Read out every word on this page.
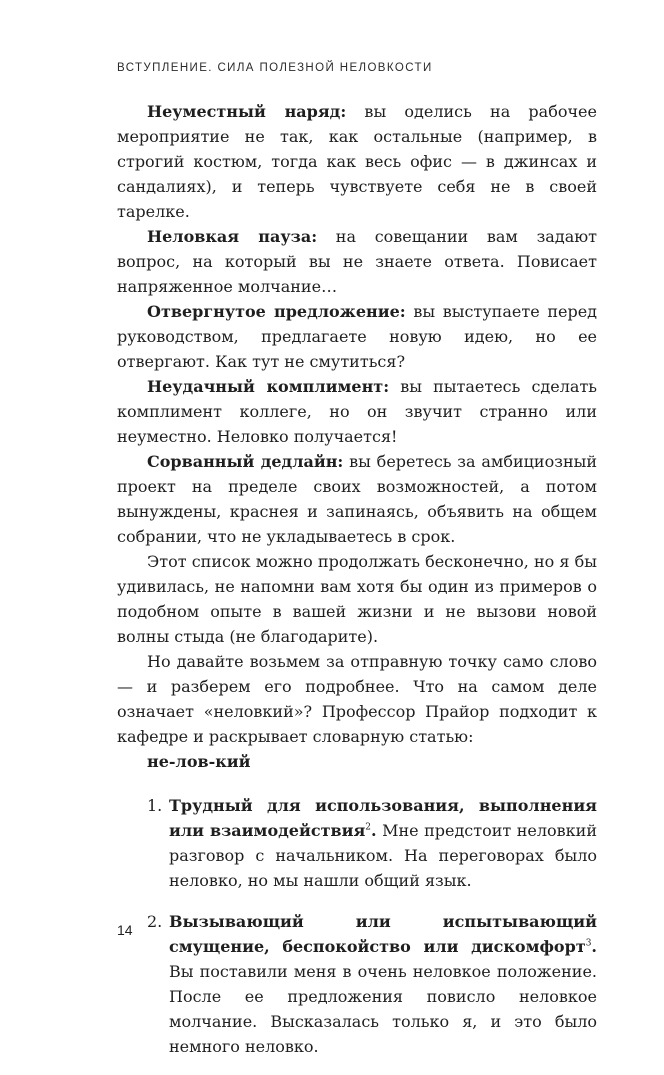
ВСТУПЛЕНИЕ. СИЛА ПОЛЕЗНОЙ НЕЛОВКОСТИ

Неуместный наряд: вы оделись на рабочее мероприятие не так, как остальные (например, в строгий костюм, тогда как весь офис — в джинсах и сандалиях), и теперь чувствуете себя не в своей тарелке.

Неловкая пауза: на совещании вам задают вопрос, на который вы не знаете ответа. Повисает напряженное молчание…

Отвергнутое предложение: вы выступаете перед руководством, предлагаете новую идею, но ее отвергают. Как тут не смутиться?

Неудачный комплимент: вы пытаетесь сделать комплимент коллеге, но он звучит странно или неуместно. Неловко получается!

Сорванный дедлайн: вы беретесь за амбициозный проект на пределе своих возможностей, а потом вынуждены, краснея и запинаясь, объявить на общем собрании, что не укладываетесь в срок.

Этот список можно продолжать бесконечно, но я бы удивилась, не напомни вам хотя бы один из примеров о подобном опыте в вашей жизни и не вызови новой волны стыда (не благодарите).

Но давайте возьмем за отправную точку само слово — и разберем его подробнее. Что на самом деле означает «неловкий»? Профессор Прайор подходит к кафедре и раскрывает словарную статью:

не-лов-кий
1. Трудный для использования, выполнения или взаимодействия$^2$. Мне предстоит неловкий разговор с начальником. На переговорах было неловко, но мы нашли общий язык.
2. Вызывающий или испытывающий смущение, беспокойство или дискомфорт$^3$. Вы поставили меня в очень неловкое положение. После ее предложения повисло неловкое молчание. Высказалась только я, и это было немного неловко.
14
